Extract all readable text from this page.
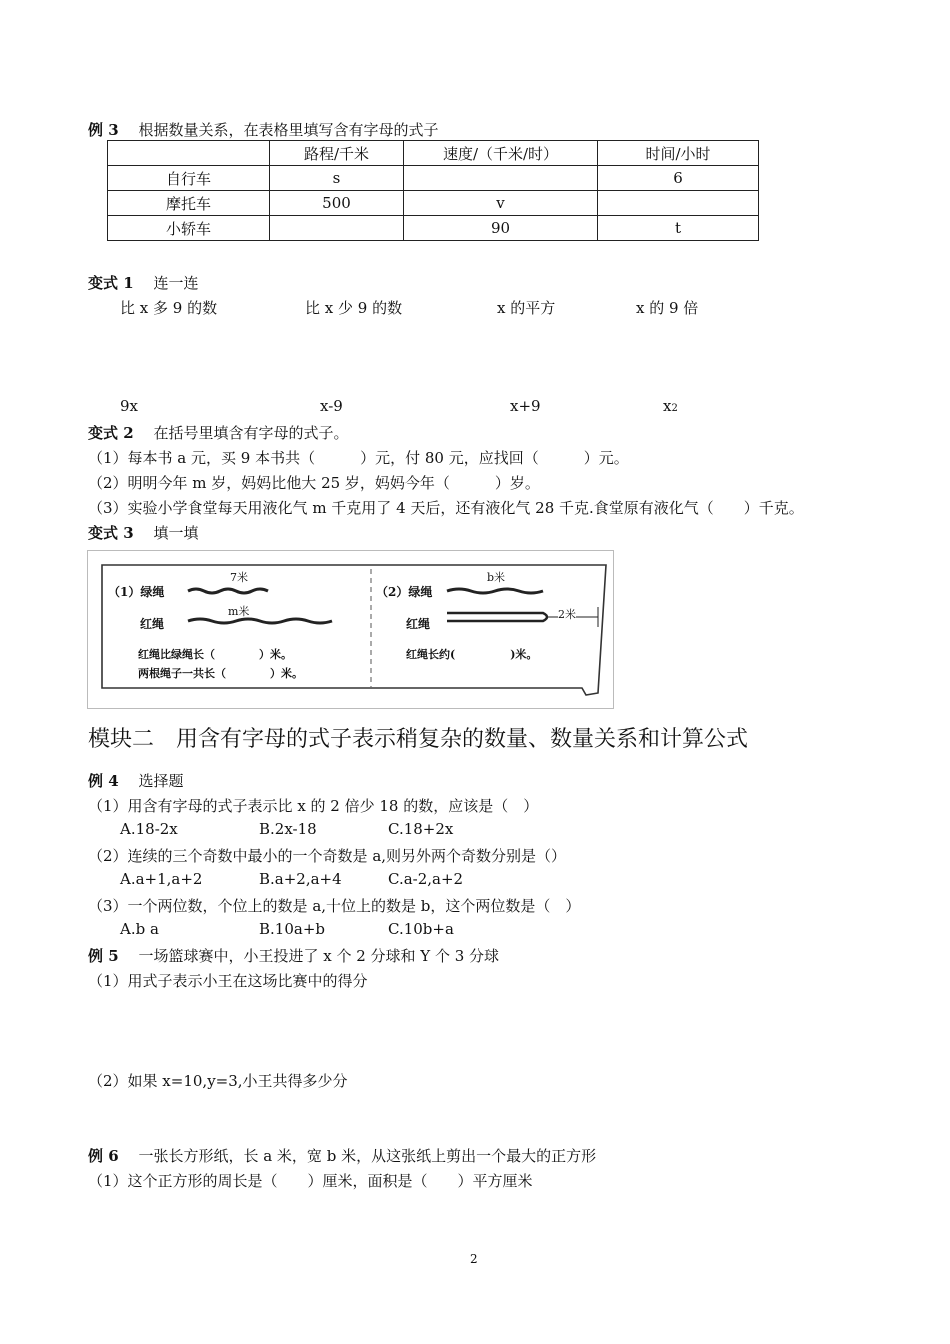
例 3　 根据数量关系，在表格里填写含有字母的式子
	路程/千米	速度/（千米/时）	时间/小时
自行车	s		6
摩托车	500	v	
小轿车		90	t
变式 1　 连一连
比 x 多 9 的数	比 x 少 9 的数	x 的平方	x 的 9 倍
9x	x-9	x+9	x2
变式 2　 在括号里填含有字母的式子。
（1）每本书 a 元，买 9 本书共（　　　）元，付 80 元，应找回（　　　）元。
（2）明明今年 m 岁，妈妈比他大 25 岁，妈妈今年（　　　）岁。
（3）实验小学食堂每天用液化气 m 千克用了 4 天后，还有液化气 28 千克.食堂原有液化气（　　）千克。
变式 3　 填一填
7米
（1）绿绳
m米
红绳
红绳比绿绳长（　　　　）米。
两根绳子一共长（　　　　）米。
b米
（2）绿绳
红绳
2米
红绳长约(　　　　　)米。
模块二　用含有字母的式子表示稍复杂的数量、数量关系和计算公式
例 4　 选择题
（1）用含有字母的式子表示比 x 的 2 倍少 18 的数，应该是（　）
A.18-2x	B.2x-18	C.18+2x
（2）连续的三个奇数中最小的一个奇数是 a,则另外两个奇数分别是（）
A.a+1,a+2	B.a+2,a+4	C.a-2,a+2
（3）一个两位数，个位上的数是 a,十位上的数是 b，这个两位数是（　）
A.b a	B.10a+b	C.10b+a
例 5　 一场篮球赛中，小王投进了 x 个 2 分球和 Y 个 3 分球
（1）用式子表示小王在这场比赛中的得分
（2）如果 x=10,y=3,小王共得多少分
例 6　 一张长方形纸，长 a 米，宽 b 米，从这张纸上剪出一个最大的正方形
（1）这个正方形的周长是（　　）厘米，面积是（　　）平方厘米
2
